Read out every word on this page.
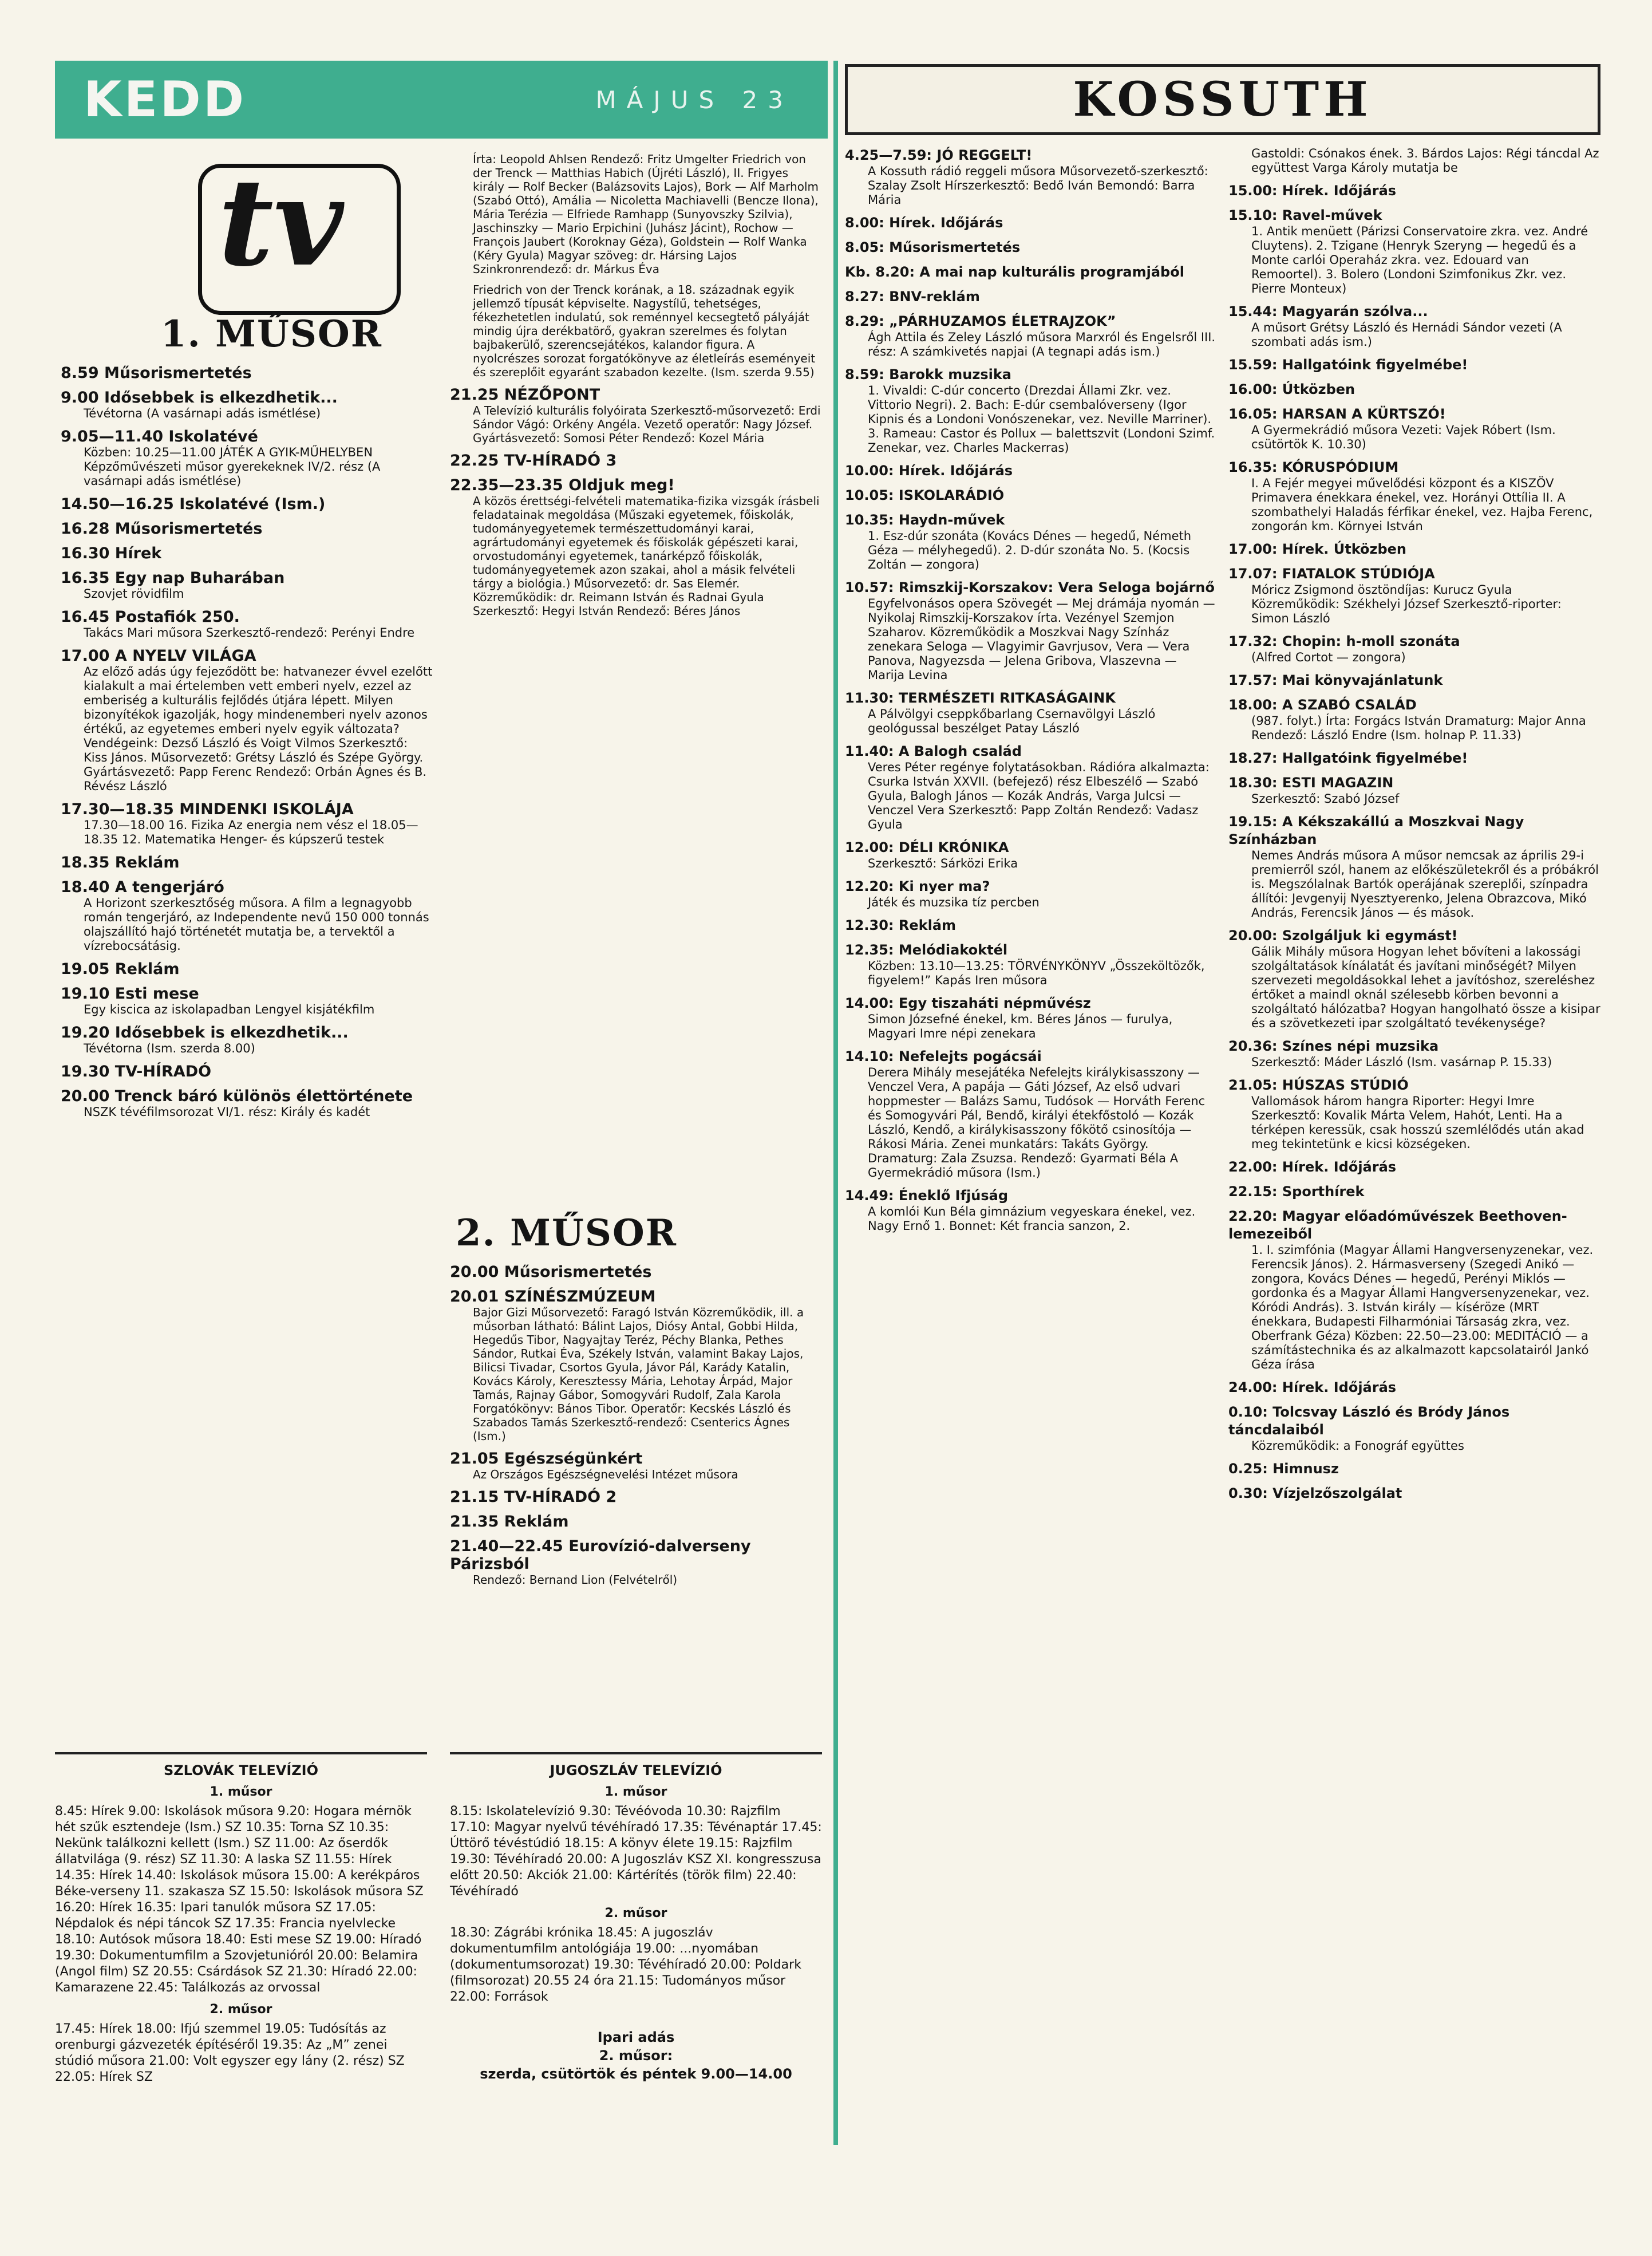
KEDD	MÁJUS 23	KOSSUTH
tv
1. MŰSOR
2. MŰSOR
8.59 Műsorismertetés
9.00 Idősebbek is elkezdhetik...
Tévétorna (A vasárnapi adás ismétlése)
9.05—11.40 Iskolatévé
Közben: 10.25—11.00 JÁTÉK A GYIK-MŰHELYBEN Képzőművészeti műsor gyerekeknek IV/2. rész (A vasárnapi adás ismétlése)
14.50—16.25 Iskolatévé (Ism.)
16.28 Műsorismertetés
16.30 Hírek
16.35 Egy nap Buharában
Szovjet rövidfilm
16.45 Postafiók 250.
Takács Mari műsora Szerkesztő-rendező: Perényi Endre
17.00 A NYELV VILÁGA
Az előző adás úgy fejeződött be: hatvanezer évvel ezelőtt kialakult a mai értelemben vett emberi nyelv, ezzel az emberiség a kulturális fejlődés útjára lépett. Milyen bizonyítékok igazolják, hogy mindenemberi nyelv azonos értékű, az egyetemes emberi nyelv egyik változata? Vendégeink: Dezső László és Voigt Vilmos Szerkesztő: Kiss János. Műsorvezető: Grétsy László és Szépe György. Gyártásvezető: Papp Ferenc Rendező: Orbán Ágnes és B. Révész László
17.30—18.35 MINDENKI ISKOLÁJA
17.30—18.00 16. Fizika Az energia nem vész el 18.05—18.35 12. Matematika Henger- és kúpszerű testek
18.35 Reklám
18.40 A tengerjáró
A Horizont szerkesztőség műsora. A film a legnagyobb román tengerjáró, az Independente nevű 150 000 tonnás olajszállító hajó történetét mutatja be, a tervektől a vízrebocsátásig.
19.05 Reklám
19.10 Esti mese
Egy kiscica az iskolapadban Lengyel kisjátékfilm
19.20 Idősebbek is elkezdhetik...
Tévétorna (Ism. szerda 8.00)
19.30 TV-HÍRADÓ
20.00 Trenck báró különös élettörténete
NSZK tévéfilmsorozat VI/1. rész: Király és kadét
Írta: Leopold Ahlsen Rendező: Fritz Umgelter Friedrich von der Trenck — Matthias Habich (Újréti László), II. Frigyes király — Rolf Becker (Balázsovits Lajos), Bork — Alf Marholm (Szabó Ottó), Amália — Nicoletta Machiavelli (Bencze Ilona), Mária Terézia — Elfriede Ramhapp (Sunyovszky Szilvia), Jaschinszky — Mario Erpichini (Juhász Jácint), Rochow — François Jaubert (Koroknay Géza), Goldstein — Rolf Wanka (Kéry Gyula) Magyar szöveg: dr. Hársing Lajos Szinkronrendező: dr. Márkus Éva
Friedrich von der Trenck korának, a 18. századnak egyik jellemző típusát képviselte. Nagystílű, tehetséges, fékezhetetlen indulatú, sok reménnyel kecsegtető pályáját mindig újra derékbatörő, gyakran szerelmes és folytan bajbakerülő, szerencsejátékos, kalandor figura. A nyolcrészes sorozat forgatókönyve az életleírás eseményeit és szereplőit egyaránt szabadon kezelte. (Ism. szerda 9.55)
21.25 NÉZŐPONT
A Televízió kulturális folyóirata Szerkesztő-műsorvezető: Erdi Sándor Vágó: Orkény Angéla. Vezető operatőr: Nagy József. Gyártásvezető: Somosi Péter Rendező: Kozel Mária
22.25 TV-HÍRADÓ 3
22.35—23.35 Oldjuk meg!
A közös érettségi-felvételi matematika-fizika vizsgák írásbeli feladatainak megoldása (Műszaki egyetemek, főiskolák, tudományegyetemek természettudományi karai, agrártudományi egyetemek és főiskolák gépészeti karai, orvostudományi egyetemek, tanárképző főiskolák, tudományegyetemek azon szakai, ahol a másik felvételi tárgy a biológia.) Műsorvezető: dr. Sas Elemér. Közreműködik: dr. Reimann István és Radnai Gyula Szerkesztő: Hegyi István Rendező: Béres János
20.00 Műsorismertetés
20.01 SZÍNÉSZMÚZEUM
Bajor Gizi Műsorvezető: Faragó István Közreműködik, ill. a műsorban látható: Bálint Lajos, Diósy Antal, Gobbi Hilda, Hegedűs Tibor, Nagyajtay Teréz, Péchy Blanka, Pethes Sándor, Rutkai Éva, Székely István, valamint Bakay Lajos, Bilicsi Tivadar, Csortos Gyula, Jávor Pál, Karády Katalin, Kovács Károly, Keresztessy Mária, Lehotay Árpád, Major Tamás, Rajnay Gábor, Somogyvári Rudolf, Zala Karola Forgatókönyv: Bános Tibor. Operatőr: Kecskés László és Szabados Tamás Szerkesztő-rendező: Csenterics Ágnes (Ism.)
21.05 Egészségünkért
Az Országos Egészségnevelési Intézet műsora
21.15 TV-HÍRADÓ 2
21.35 Reklám
21.40—22.45 Eurovízió-dalverseny Párizsból
Rendező: Bernand Lion (Felvételről)
4.25—7.59: JÓ REGGELT!
A Kossuth rádió reggeli műsora Műsorvezető-szerkesztő: Szalay Zsolt Hírszerkesztő: Bedő Iván Bemondó: Barra Mária
8.00: Hírek. Időjárás
8.05: Műsorismertetés
Kb. 8.20: A mai nap kulturális programjából
8.27: BNV-reklám
8.29: „PÁRHUZAMOS ÉLETRAJZOK”
Ágh Attila és Zeley László műsora Marxról és Engelsről III. rész: A számkivetés napjai (A tegnapi adás ism.)
8.59: Barokk muzsika
1. Vivaldi: C-dúr concerto (Drezdai Állami Zkr. vez. Vittorio Negri). 2. Bach: E-dúr csembalóverseny (Igor Kipnis és a Londoni Vonószenekar, vez. Neville Marriner). 3. Rameau: Castor és Pollux — balettszvit (Londoni Szimf. Zenekar, vez. Charles Mackerras)
10.00: Hírek. Időjárás
10.05: ISKOLARÁDIÓ
10.35: Haydn-művek
1. Esz-dúr szonáta (Kovács Dénes — hegedű, Németh Géza — mélyhegedű). 2. D-dúr szonáta No. 5. (Kocsis Zoltán — zongora)
10.57: Rimszkij-Korszakov: Vera Seloga bojárnő
Egyfelvonásos opera Szövegét — Mej drámája nyomán — Nyikolaj Rimszkij-Korszakov írta. Vezényel Szemjon Szaharov. Közreműködik a Moszkvai Nagy Színház zenekara Seloga — Vlagyimir Gavrjusov, Vera — Vera Panova, Nagyezsda — Jelena Gribova, Vlaszevna — Marija Levina
11.30: TERMÉSZETI RITKASÁGAINK
A Pálvölgyi cseppkőbarlang Csernavölgyi László geológussal beszélget Patay László
11.40: A Balogh család
Veres Péter regénye folytatásokban. Rádióra alkalmazta: Csurka István XXVII. (befejező) rész Elbeszélő — Szabó Gyula, Balogh János — Kozák András, Varga Julcsi — Venczel Vera Szerkesztő: Papp Zoltán Rendező: Vadasz Gyula
12.00: DÉLI KRÓNIKA
Szerkesztő: Sárközi Erika
12.20: Ki nyer ma?
Játék és muzsika tíz percben
12.30: Reklám
12.35: Melódiakoktél
Közben: 13.10—13.25: TÖRVÉNYKÖNYV „Összeköltözők, figyelem!” Kapás Iren műsora
14.00: Egy tiszaháti népművész
Simon Józsefné énekel, km. Béres János — furulya, Magyari Imre népi zenekara
14.10: Nefelejts pogácsái
Derera Mihály mesejátéka Nefelejts királykisasszony — Venczel Vera, A papája — Gáti József, Az első udvari hoppmester — Balázs Samu, Tudósok — Horváth Ferenc és Somogyvári Pál, Bendő, királyi étekfőstoló — Kozák László, Kendő, a királykisasszony főkötő csinosítója — Rákosi Mária. Zenei munkatárs: Takáts György. Dramaturg: Zala Zsuzsa. Rendező: Gyarmati Béla A Gyermekrádió műsora (Ism.)
14.49: Éneklő Ifjúság
A komlói Kun Béla gimnázium vegyeskara énekel, vez. Nagy Ernő 1. Bonnet: Két francia sanzon, 2.
Gastoldi: Csónakos ének. 3. Bárdos Lajos: Régi táncdal Az együttest Varga Károly mutatja be
15.00: Hírek. Időjárás
15.10: Ravel-művek
1. Antik menüett (Párizsi Conservatoire zkra. vez. André Cluytens). 2. Tzigane (Henryk Szeryng — hegedű és a Monte carlói Operaház zkra. vez. Edouard van Remoortel). 3. Bolero (Londoni Szimfonikus Zkr. vez. Pierre Monteux)
15.44: Magyarán szólva...
A műsort Grétsy László és Hernádi Sándor vezeti (A szombati adás ism.)
15.59: Hallgatóink figyelmébe!
16.00: Útközben
16.05: HARSAN A KÜRTSZÓ!
A Gyermekrádió műsora Vezeti: Vajek Róbert (Ism. csütörtök K. 10.30)
16.35: KÓRUSPÓDIUM
I. A Fejér megyei művelődési központ és a KISZÖV Primavera énekkara énekel, vez. Horányi Ottília II. A szombathelyi Haladás férfikar énekel, vez. Hajba Ferenc, zongorán km. Környei István
17.00: Hírek. Útközben
17.07: FIATALOK STÚDIÓJA
Móricz Zsigmond ösztöndíjas: Kurucz Gyula Közreműködik: Székhelyi József Szerkesztő-riporter: Simon László
17.32: Chopin: h-moll szonáta
(Alfred Cortot — zongora)
17.57: Mai könyvajánlatunk
18.00: A SZABÓ CSALÁD
(987. folyt.) Írta: Forgács István Dramaturg: Major Anna Rendező: László Endre (Ism. holnap P. 11.33)
18.27: Hallgatóink figyelmébe!
18.30: ESTI MAGAZIN
Szerkesztő: Szabó József
19.15: A Kékszakállú a Moszkvai Nagy Színházban
Nemes András műsora A műsor nemcsak az április 29-i premierről szól, hanem az előkészületekről és a próbákról is. Megszólalnak Bartók operájának szereplői, színpadra állítói: Jevgenyij Nyesztyerenko, Jelena Obrazcova, Mikó András, Ferencsik János — és mások.
20.00: Szolgáljuk ki egymást!
Gálik Mihály műsora Hogyan lehet bővíteni a lakossági szolgáltatások kínálatát és javítani minőségét? Milyen szervezeti megoldásokkal lehet a javítóshoz, szereléshez értőket a maindl oknál szélesebb körben bevonni a szolgáltató hálózatba? Hogyan hangolható össze a kisipar és a szövetkezeti ipar szolgáltató tevékenysége?
20.36: Színes népi muzsika
Szerkesztő: Máder László (Ism. vasárnap P. 15.33)
21.05: HÚSZAS STÚDIÓ
Vallomások három hangra Riporter: Hegyi Imre Szerkesztő: Kovalik Márta Velem, Hahót, Lenti. Ha a térképen keressük, csak hosszú szemlélődés után akad meg tekintetünk e kicsi községeken.
22.00: Hírek. Időjárás
22.15: Sporthírek
22.20: Magyar előadóművészek Beethoven-lemezeiből
1. I. szimfónia (Magyar Állami Hangversenyzenekar, vez. Ferencsik János). 2. Hármasverseny (Szegedi Anikó — zongora, Kovács Dénes — hegedű, Perényi Miklós — gordonka és a Magyar Állami Hangversenyzenekar, vez. Kóródi András). 3. István király — kíséröze (MRT énekkara, Budapesti Filharmóniai Társaság zkra, vez. Oberfrank Géza) Közben: 22.50—23.00: MEDITÁCIÓ — a számítástechnika és az alkalmazott kapcsolatairól Jankó Géza írása
24.00: Hírek. Időjárás
0.10: Tolcsvay László és Bródy János táncdalaiból
Közreműködik: a Fonográf együttes
0.25: Himnusz
0.30: Vízjelzőszolgálat
SZLOVÁK TELEVÍZIÓ
1. műsor
8.45: Hírek 9.00: Iskolások műsora 9.20: Hogara mérnök hét szűk esztendeje (Ism.) SZ 10.35: Torna SZ 10.35: Nekünk találkozni kellett (Ism.) SZ 11.00: Az őserdők állatvilága (9. rész) SZ 11.30: A laska SZ 11.55: Hírek 14.35: Hírek 14.40: Iskolások műsora 15.00: A kerékpáros Béke-verseny 11. szakasza SZ 15.50: Iskolások műsora SZ 16.20: Hírek 16.35: Ipari tanulók műsora SZ 17.05: Népdalok és népi táncok SZ 17.35: Francia nyelvlecke 18.10: Autósok műsora 18.40: Esti mese SZ 19.00: Híradó 19.30: Dokumentumfilm a Szovjetunióról 20.00: Belamira (Angol film) SZ 20.55: Csárdások SZ 21.30: Híradó 22.00: Kamarazene 22.45: Találkozás az orvossal
2. műsor
17.45: Hírek 18.00: Ifjú szemmel 19.05: Tudósítás az orenburgi gázvezeték építéséről 19.35: Az „M” zenei stúdió műsora 21.00: Volt egyszer egy lány (2. rész) SZ 22.05: Hírek SZ
JUGOSZLÁV TELEVÍZIÓ
1. műsor
8.15: Iskolatelevízió 9.30: Tévéóvoda 10.30: Rajzfilm 17.10: Magyar nyelvű tévéhíradó 17.35: Tévénaptár 17.45: Úttörő tévéstúdió 18.15: A könyv élete 19.15: Rajzfilm 19.30: Tévéhíradó 20.00: A Jugoszláv KSZ XI. kongresszusa előtt 20.50: Akciók 21.00: Kártérítés (török film) 22.40: Tévéhíradó
2. műsor
18.30: Zágrábi krónika 18.45: A jugoszláv dokumentumfilm antológiája 19.00: ...nyomában (dokumentumsorozat) 19.30: Tévéhíradó 20.00: Poldark (filmsorozat) 20.55 24 óra 21.15: Tudományos műsor 22.00: Források
Ipari adás
2. műsor:
szerda, csütörtök és péntek 9.00—14.00
